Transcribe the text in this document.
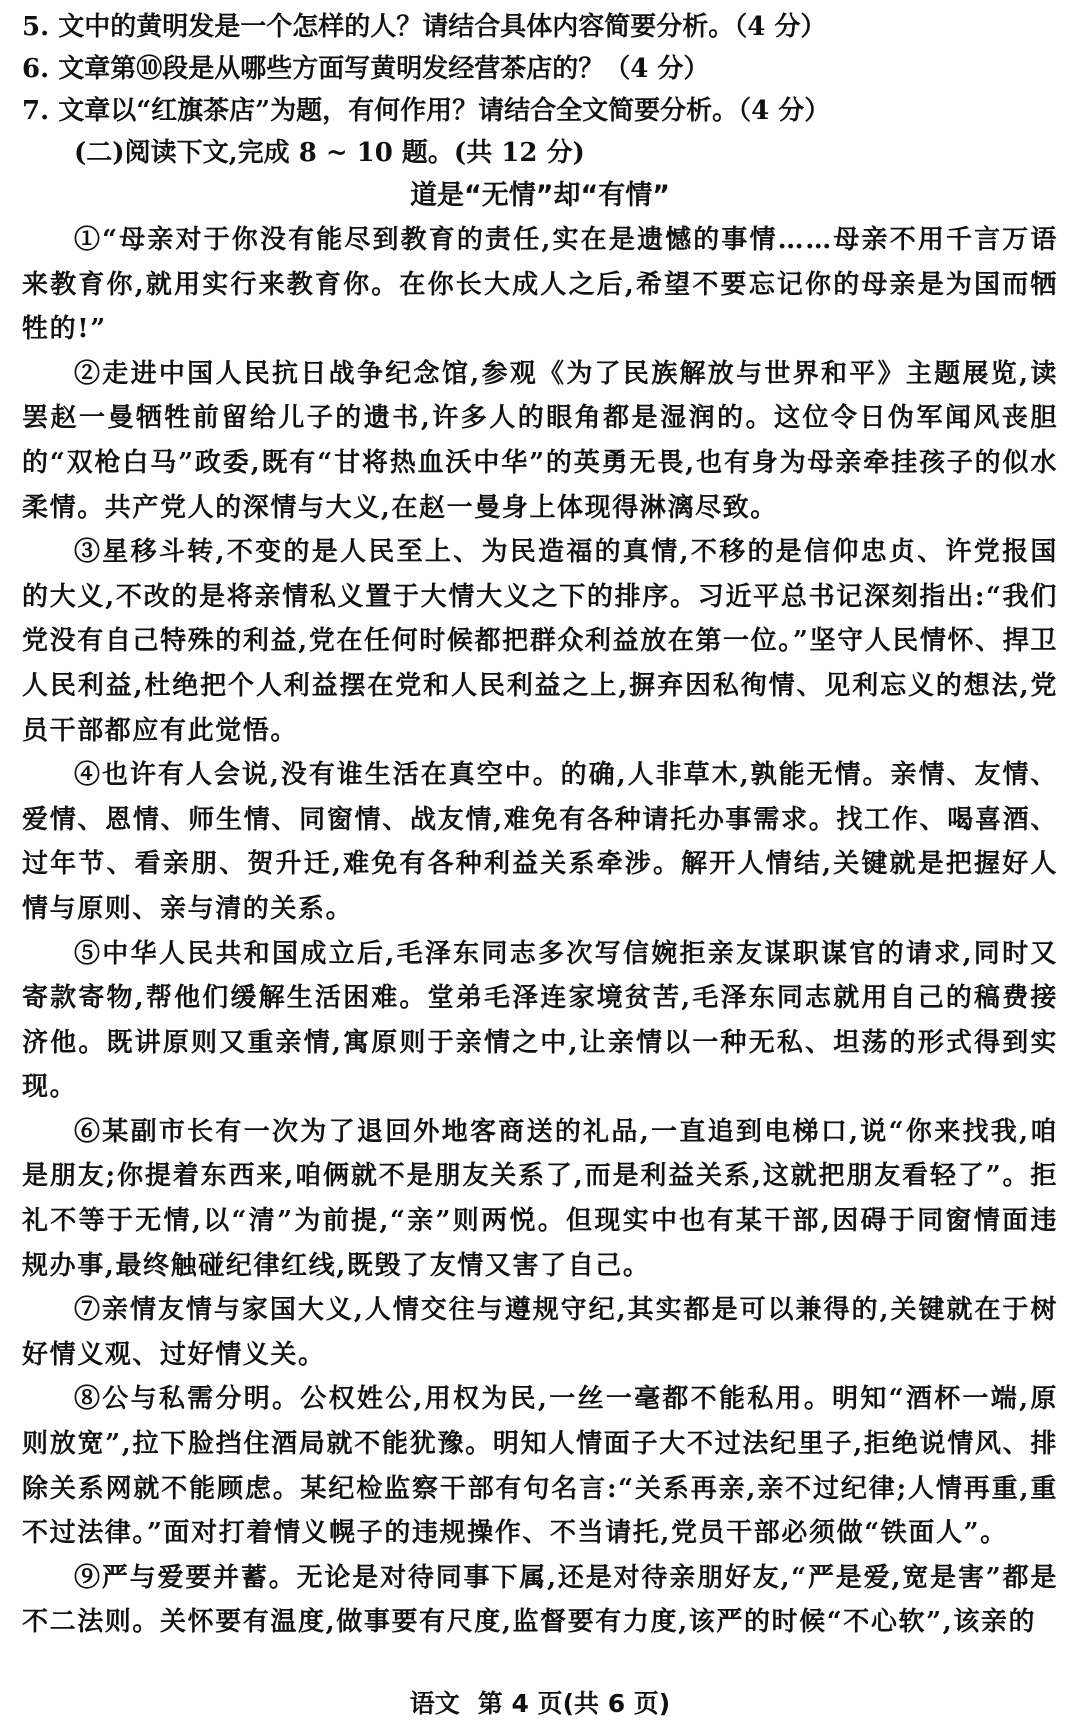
5. 文中的黄明发是一个怎样的人？请结合具体内容简要分析。（4 分）
6. 文章第⑩段是从哪些方面写黄明发经营茶店的？（4 分）
7. 文章以“红旗茶店”为题，有何作用？请结合全文简要分析。（4 分）
(二)阅读下文,完成 8 ~ 10 题。(共 12 分)
道是“无情”却“有情”

①“母亲对于你没有能尽到教育的责任,实在是遗憾的事情……母亲不用千言万语来教育你,就用实行来教育你。在你长大成人之后,希望不要忘记你的母亲是为国而牺牲的!”

②走进中国人民抗日战争纪念馆,参观《为了民族解放与世界和平》主题展览,读罢赵一曼牺牲前留给儿子的遗书,许多人的眼角都是湿润的。这位令日伪军闻风丧胆的“双枪白马”政委,既有“甘将热血沃中华”的英勇无畏,也有身为母亲牵挂孩子的似水柔情。共产党人的深情与大义,在赵一曼身上体现得淋漓尽致。

③星移斗转,不变的是人民至上、为民造福的真情,不移的是信仰忠贞、许党报国的大义,不改的是将亲情私义置于大情大义之下的排序。习近平总书记深刻指出:“我们党没有自己特殊的利益,党在任何时候都把群众利益放在第一位。”坚守人民情怀、捍卫人民利益,杜绝把个人利益摆在党和人民利益之上,摒弃因私徇情、见利忘义的想法,党员干部都应有此觉悟。

④也许有人会说,没有谁生活在真空中。的确,人非草木,孰能无情。亲情、友情、爱情、恩情、师生情、同窗情、战友情,难免有各种请托办事需求。找工作、喝喜酒、过年节、看亲朋、贺升迁,难免有各种利益关系牵涉。解开人情结,关键就是把握好人情与原则、亲与清的关系。

⑤中华人民共和国成立后,毛泽东同志多次写信婉拒亲友谋职谋官的请求,同时又寄款寄物,帮他们缓解生活困难。堂弟毛泽连家境贫苦,毛泽东同志就用自己的稿费接济他。既讲原则又重亲情,寓原则于亲情之中,让亲情以一种无私、坦荡的形式得到实现。

⑥某副市长有一次为了退回外地客商送的礼品,一直追到电梯口,说“你来找我,咱是朋友;你提着东西来,咱俩就不是朋友关系了,而是利益关系,这就把朋友看轻了”。拒礼不等于无情,以“清”为前提,“亲”则两悦。但现实中也有某干部,因碍于同窗情面违规办事,最终触碰纪律红线,既毁了友情又害了自己。

⑦亲情友情与家国大义,人情交往与遵规守纪,其实都是可以兼得的,关键就在于树好情义观、过好情义关。

⑧公与私需分明。公权姓公,用权为民,一丝一毫都不能私用。明知“酒杯一端,原则放宽”,拉下脸挡住酒局就不能犹豫。明知人情面子大不过法纪里子,拒绝说情风、排除关系网就不能顾虑。某纪检监察干部有句名言:“关系再亲,亲不过纪律;人情再重,重不过法律。”面对打着情义幌子的违规操作、不当请托,党员干部必须做“铁面人”。

⑨严与爱要并蓄。无论是对待同事下属,还是对待亲朋好友,“严是爱,宽是害”都是不二法则。关怀要有温度,做事要有尺度,监督要有力度,该严的时候“不心软”,该亲的

语文 第 4 页(共 6 页)
